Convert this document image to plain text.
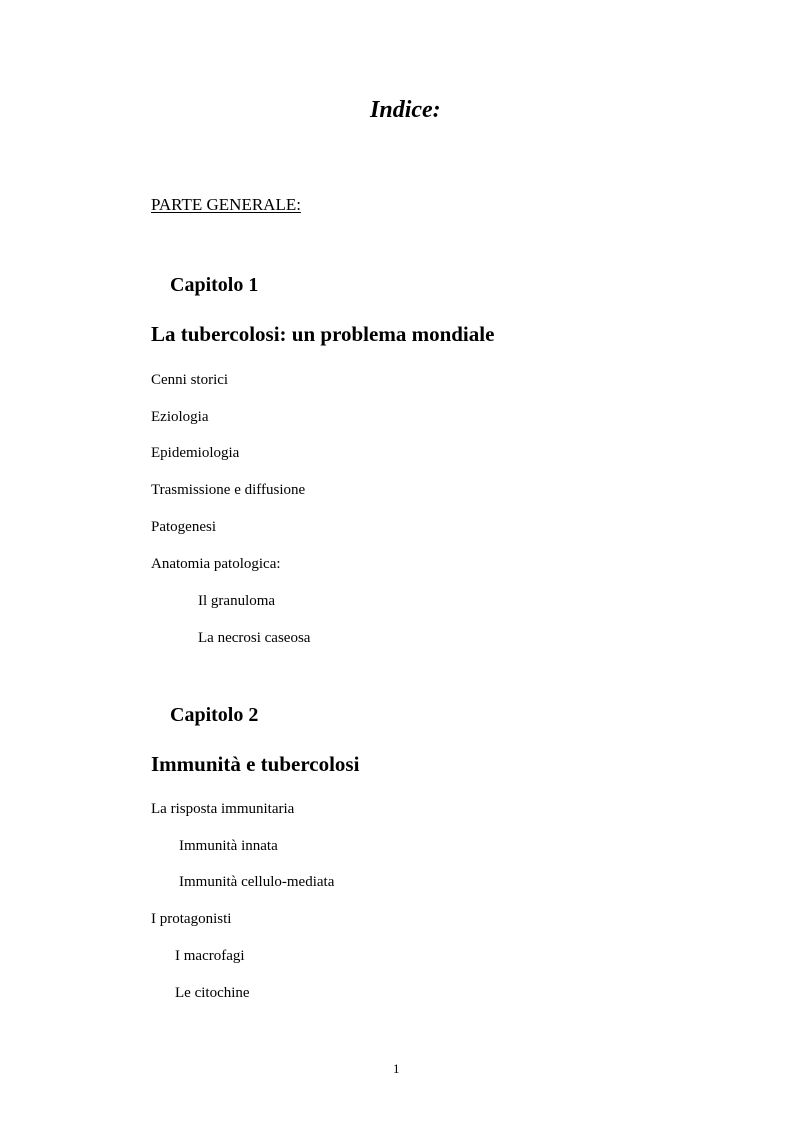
Indice:
PARTE GENERALE:
Capitolo 1
La tubercolosi: un problema mondiale
Cenni storici
Eziologia
Epidemiologia
Trasmissione e diffusione
Patogenesi
Anatomia patologica:
Il granuloma
La necrosi caseosa
Capitolo 2
Immunità e tubercolosi
La risposta immunitaria
Immunità innata
Immunità cellulo-mediata
I protagonisti
I macrofagi
Le citochine
1
